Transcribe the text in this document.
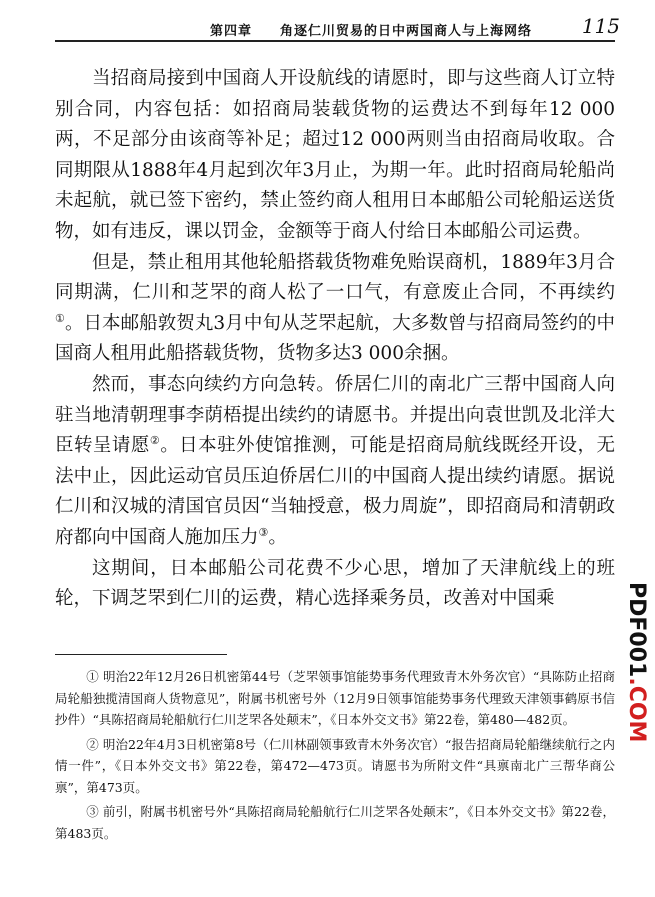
第四章 角逐仁川贸易的日中两国商人与上海网络 115

当招商局接到中国商人开设航线的请愿时，即与这些商人订立特别合同，内容包括：如招商局装载货物的运费达不到每年12 000两，不足部分由该商等补足；超过12 000两则当由招商局收取。合同期限从1888年4月起到次年3月止，为期一年。此时招商局轮船尚未起航，就已签下密约，禁止签约商人租用日本邮船公司轮船运送货物，如有违反，课以罚金，金额等于商人付给日本邮船公司运费。

但是，禁止租用其他轮船搭载货物难免贻误商机，1889年3月合同期满，仁川和芝罘的商人松了一口气，有意废止合同，不再续约①。日本邮船敦贺丸3月中旬从芝罘起航，大多数曾与招商局签约的中国商人租用此船搭载货物，货物多达3 000余捆。

然而，事态向续约方向急转。侨居仁川的南北广三帮中国商人向驻当地清朝理事李荫梧提出续约的请愿书。并提出向袁世凯及北洋大臣转呈请愿②。日本驻外使馆推测，可能是招商局航线既经开设，无法中止，因此运动官员压迫侨居仁川的中国商人提出续约请愿。据说仁川和汉城的清国官员因“当轴授意，极力周旋”，即招商局和清朝政府都向中国商人施加压力③。

这期间，日本邮船公司花费不少心思，增加了天津航线上的班轮，下调芝罘到仁川的运费，精心选择乘务员，改善对中国乘

① 明治22年12月26日机密第44号（芝罘领事馆能势事务代理致青木外务次官）“具陈防止招商局轮船独揽清国商人货物意见”，附属书机密号外（12月9日领事馆能势事务代理致天津领事鹤原书信抄件）“具陈招商局轮船航行仁川芝罘各处颠末”，《日本外交文书》第22卷，第480—482页。

② 明治22年4月3日机密第8号（仁川林副领事致青木外务次官）“报告招商局轮船继续航行之内情一件”，《日本外交文书》第22卷，第472—473页。请愿书为所附文件“具禀南北广三帮华商公禀”，第473页。

③ 前引，附属书机密号外“具陈招商局轮船航行仁川芝罘各处颠末”，《日本外交文书》第22卷，第483页。

PDF001.COM
